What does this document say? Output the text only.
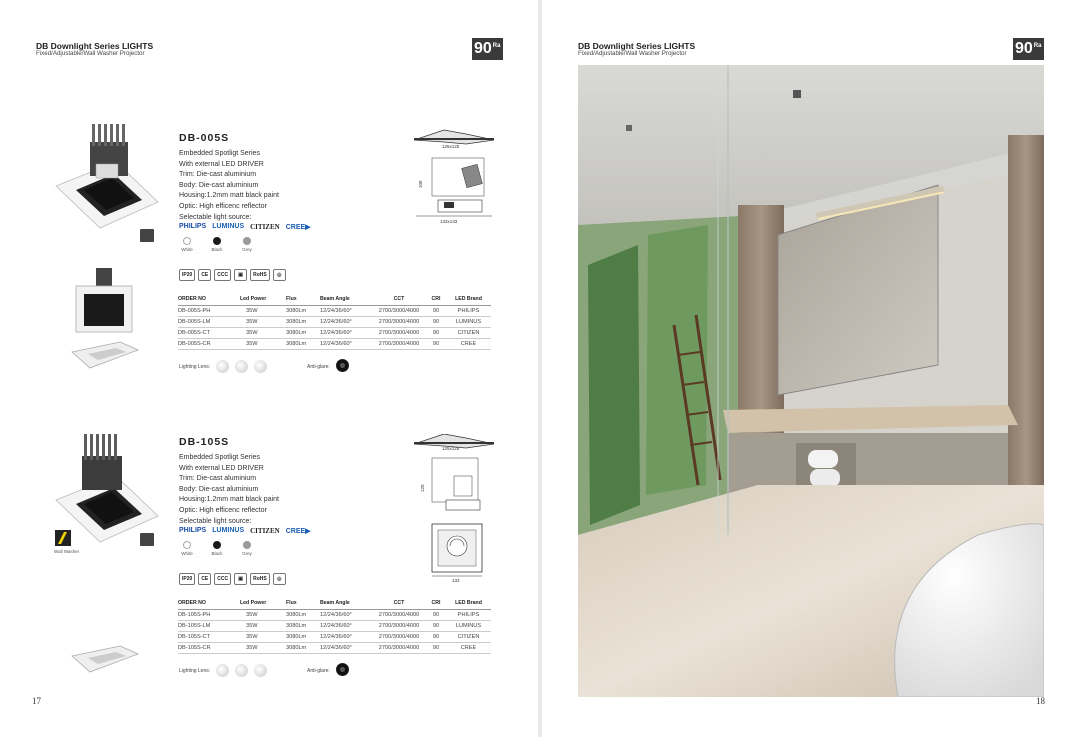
DB Downlight Series LIGHTS
Fixed/Adjustable/Wall Washer Projector	$90^{Ra}$
DB-005S
Embedded Spotligt Series
With external LED DRIVER
Trim: Die-cast aluminium
Body: Die-cast aluminium
Housing:1.2mm matt black paint
Optic: High efficenc reflector
Selectable light source:
PHILIPS LUMINUS CITIZEN CREE▶
White	Black	Grey
IP20	CE	CCC	▣	RoHS	◎
125x125
108
133x133
ORDER NO	Led Power	Flux	Beam Angle	CCT	CRI	LED Brand
DB-005S-PH	35W	3080Lm	12/24/36/60°	2700/3000/4000	90	PHILIPS
DB-005S-LM	35W	3080Lm	12/24/36/60°	2700/3000/4000	90	LUMINUS
DB-005S-CT	35W	3080Lm	12/24/36/60°	2700/3000/4000	90	CITIZEN
DB-005S-CR	35W	3080Lm	12/24/36/60°	2700/3000/4000	90	CREE
Lighting Lens:	Anti-glare:
Wall Washer
DB-105S
Embedded Spotligt Series
With external LED DRIVER
Trim: Die-cast aluminium
Body: Die-cast aluminium
Housing:1.2mm matt black paint
Optic: High efficenc reflector
Selectable light source:
PHILIPS LUMINUS CITIZEN CREE▶
White	Black	Grey
IP20	CE	CCC	▣	RoHS	◎
125x125
120
133
ORDER NO	Led Power	Flux	Beam Angle	CCT	CRI	LED Brand
DB-105S-PH	35W	3080Lm	12/24/36/60°	2700/3000/4000	90	PHILIPS
DB-105S-LM	35W	3080Lm	12/24/36/60°	2700/3000/4000	90	LUMINUS
DB-105S-CT	35W	3080Lm	12/24/36/60°	2700/3000/4000	90	CITIZEN
DB-105S-CR	35W	3080Lm	12/24/36/60°	2700/3000/4000	90	CREE
Lighting Lens:	Anti-glare:
17
DB Downlight Series LIGHTS
Fixed/Adjustable/Wall Washer Projector	$90^{Ra}$
18
